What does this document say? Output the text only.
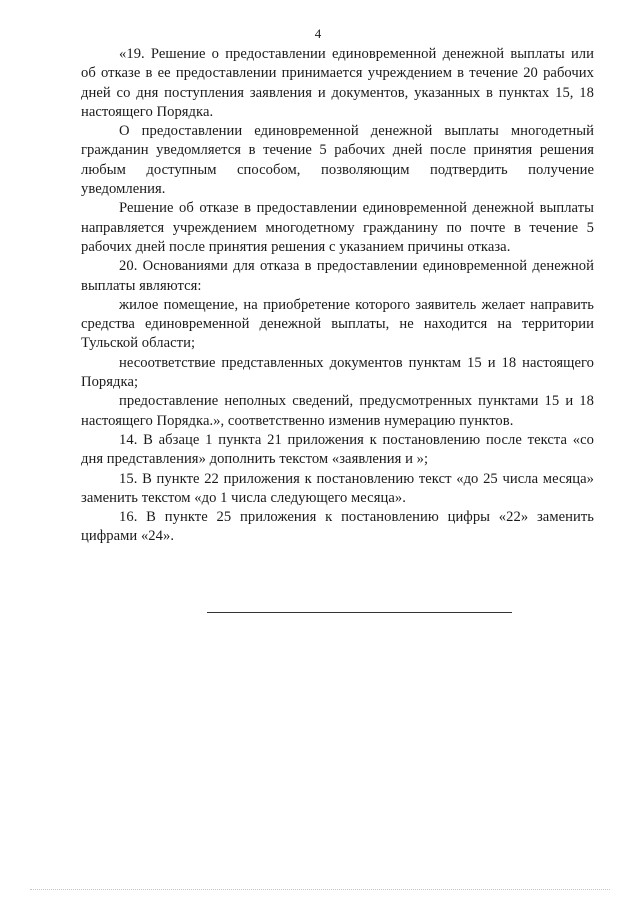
4

«19. Решение о предоставлении единовременной денежной выплаты или об отказе в ее предоставлении принимается учреждением в течение 20 рабочих дней со дня поступления заявления и документов, указанных в пунктах 15, 18 настоящего Порядка.

О предоставлении единовременной денежной выплаты многодетный гражданин уведомляется в течение 5 рабочих дней после принятия решения любым доступным способом, позволяющим подтвердить получение уведомления.

Решение об отказе в предоставлении единовременной денежной выплаты направляется учреждением многодетному гражданину по почте в течение 5 рабочих дней после принятия решения с указанием причины отказа.

20. Основаниями для отказа в предоставлении единовременной денежной выплаты являются:

жилое помещение, на приобретение которого заявитель желает направить средства единовременной денежной выплаты, не находится на территории Тульской области;

несоответствие представленных документов пунктам 15 и 18 настоящего Порядка;

предоставление неполных сведений, предусмотренных пунктами 15 и 18 настоящего Порядка.», соответственно изменив нумерацию пунктов.

14. В абзаце 1 пункта 21 приложения к постановлению после текста «со дня представления» дополнить текстом «заявления и »;

15. В пункте 22 приложения к постановлению текст «до 25 числа месяца» заменить текстом «до 1 числа следующего месяца».

16. В пункте 25 приложения к постановлению цифры «22» заменить цифрами «24».
